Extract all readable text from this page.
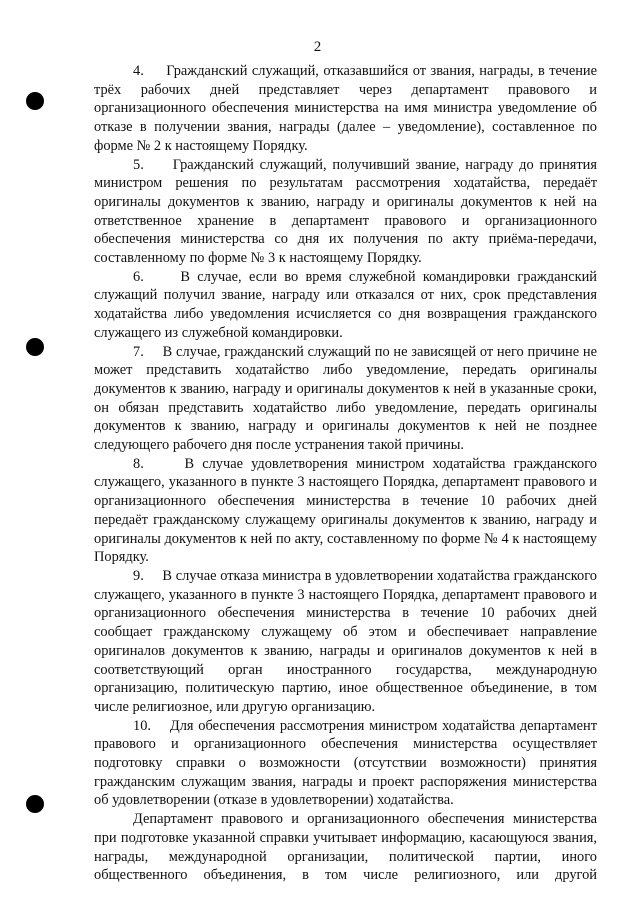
2

4.     Гражданский служащий, отказавшийся от звания, награды, в течение трёх рабочих дней представляет через департамент правового и организационного обеспечения министерства на имя министра уведомление об отказе в получении звания, награды (далее – уведомление), составленное по форме № 2 к настоящему Порядку.

5.     Гражданский служащий, получивший звание, награду до принятия министром решения по результатам рассмотрения ходатайства, передаёт оригиналы документов к званию, награду и оригиналы документов к ней на ответственное хранение в департамент правового и организационного обеспечения министерства со дня их получения по акту приёма-передачи, составленному по форме № 3 к настоящему Порядку.

6.     В случае, если во время служебной командировки гражданский служащий получил звание, награду или отказался от них, срок представления ходатайства либо уведомления исчисляется со дня возвращения гражданского служащего из служебной командировки.

7.     В случае, гражданский служащий по не зависящей от него причине не может представить ходатайство либо уведомление, передать оригиналы документов к званию, награду и оригиналы документов к ней в указанные сроки, он обязан представить ходатайство либо уведомление, передать оригиналы документов к званию, награду и оригиналы документов к ней не позднее следующего рабочего дня после устранения такой причины.

8.     В случае удовлетворения министром ходатайства гражданского служащего, указанного в пункте 3 настоящего Порядка, департамент правового и организационного обеспечения министерства в течение 10 рабочих дней передаёт гражданскому служащему оригиналы документов к званию, награду и оригиналы документов к ней по акту, составленному по форме № 4 к настоящему Порядку.

9.     В случае отказа министра в удовлетворении ходатайства гражданского служащего, указанного в пункте 3 настоящего Порядка, департамент правового и организационного обеспечения министерства в течение 10 рабочих дней сообщает гражданскому служащему об этом и обеспечивает направление оригиналов документов к званию, награды и оригиналов документов к ней в соответствующий орган иностранного государства, международную организацию, политическую партию, иное общественное объединение, в том числе религиозное, или другую организацию.

10.    Для обеспечения рассмотрения министром ходатайства департамент правового и организационного обеспечения министерства осуществляет подготовку справки о возможности (отсутствии возможности) принятия гражданским служащим звания, награды и проект распоряжения министерства об удовлетворении (отказе в удовлетворении) ходатайства.

Департамент правового и организационного обеспечения министерства при подготовке указанной справки учитывает информацию, касающуюся звания, награды, международной организации, политической партии, иного общественного объединения, в том числе религиозного, или другой
